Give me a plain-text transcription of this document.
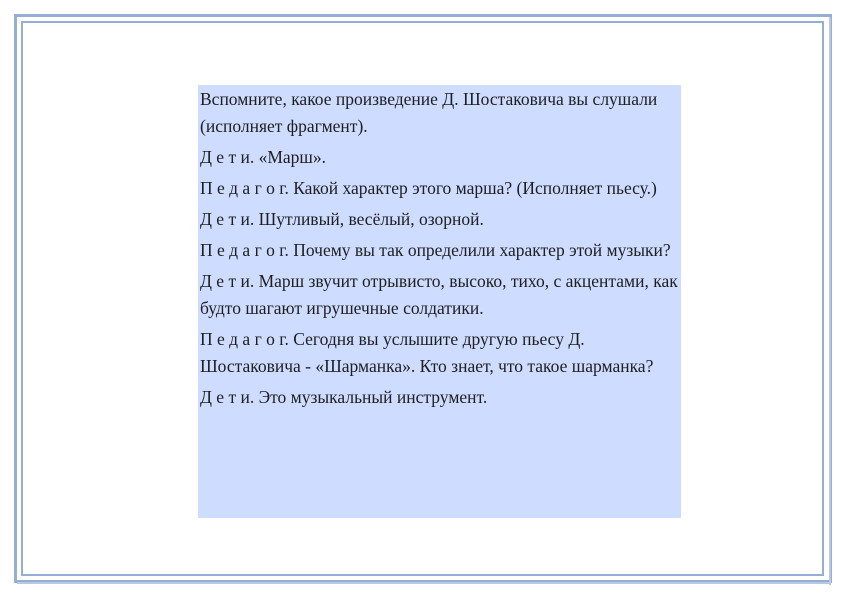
Вспомните, какое произведение Д. Шостаковича вы слушали (исполняет фрагмент).

Д е т и. «Марш».

П е д а г о г. Какой характер этого марша? (Исполняет пьесу.)

Д е т и. Шутливый, весёлый, озорной.

П е д а г о г. Почему вы так определили характер этой музыки?

Д е т и. Марш звучит отрывисто, высоко, тихо, с акцентами, как будто шагают игрушечные солдатики.

П е д а г о г. Сегодня вы услышите другую пьесу Д. Шостаковича - «Шарманка». Кто знает, что такое шарманка?

Д е т и. Это музыкальный инструмент.
